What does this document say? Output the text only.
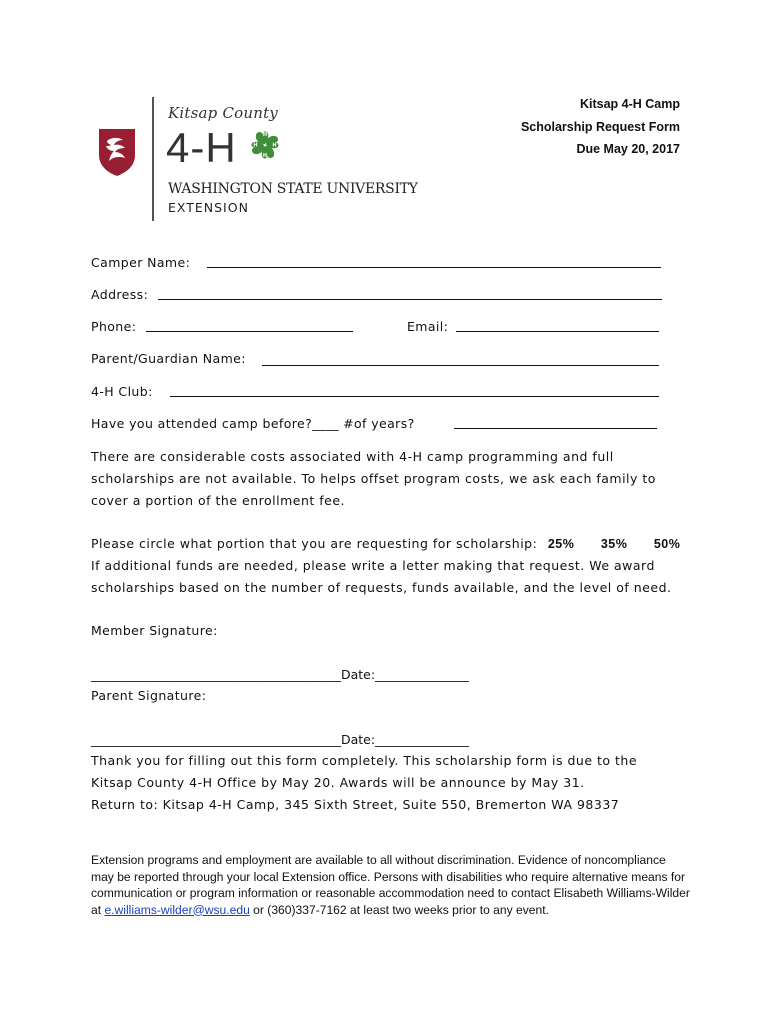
Kitsap County
4-H	H
H
H
H
WASHINGTON STATE UNIVERSITY
EXTENSION
Kitsap 4-H Camp
Scholarship Request Form
Due May 20, 2017
Camper Name:
Address:
Phone:	Email:
Parent/Guardian Name:
4-H Club:
Have you attended camp before?____ #of years?
There are considerable costs associated with 4-H camp programming and full
scholarships are not available. To helps offset program costs, we ask each family to
cover a portion of the enrollment fee.
Please circle what portion that you are requesting for scholarship: 25% 35% 50%
If additional funds are needed, please write a letter making that request. We award
scholarships based on the number of requests, funds available, and the level of need.
Member Signature:
________________________________________Date:_______________
Parent Signature:
________________________________________Date:_______________
Thank you for filling out this form completely. This scholarship form is due to the
Kitsap County 4-H Office by May 20. Awards will be announce by May 31.
Return to: Kitsap 4-H Camp, 345 Sixth Street, Suite 550, Bremerton WA 98337
Extension programs and employment are available to all without discrimination. Evidence of noncompliance may be reported through your local Extension office. Persons with disabilities who require alternative means for communication or program information or reasonable accommodation need to contact Elisabeth Williams-Wilder at e.williams-wilder@wsu.edu or (360)337-7162 at least two weeks prior to any event.
